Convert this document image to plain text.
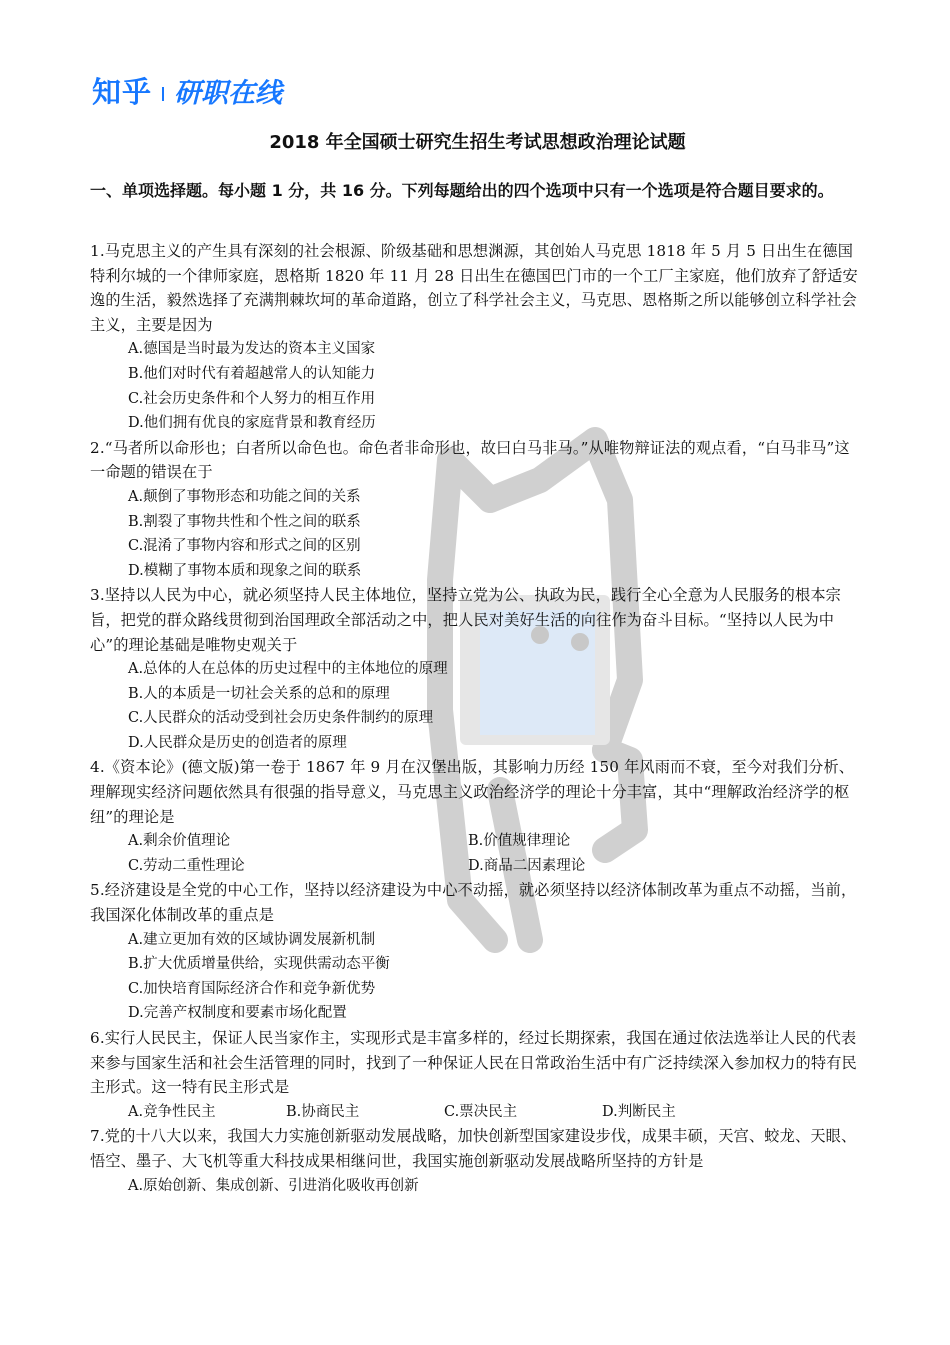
知乎 研职在线
2018 年全国硕士研究生招生考试思想政治理论试题
一、单项选择题。每小题 1 分，共 16 分。下列每题给出的四个选项中只有一个选项是符合题目要求的。

1.马克思主义的产生具有深刻的社会根源、阶级基础和思想渊源，其创始人马克思 1818 年 5 月 5 日出生在德国特利尔城的一个律师家庭，恩格斯 1820 年 11 月 28 日出生在德国巴门市的一个工厂主家庭，他们放弃了舒适安逸的生活，毅然选择了充满荆棘坎坷的革命道路，创立了科学社会主义，马克思、恩格斯之所以能够创立科学社会主义，主要是因为

A.德国是当时最为发达的资本主义国家

B.他们对时代有着超越常人的认知能力

C.社会历史条件和个人努力的相互作用

D.他们拥有优良的家庭背景和教育经历

2.“马者所以命形也；白者所以命色也。命色者非命形也，故曰白马非马。”从唯物辩证法的观点看，“白马非马”这一命题的错误在于

A.颠倒了事物形态和功能之间的关系

B.割裂了事物共性和个性之间的联系

C.混淆了事物内容和形式之间的区别

D.模糊了事物本质和现象之间的联系

3.坚持以人民为中心，就必须坚持人民主体地位，坚持立党为公、执政为民，践行全心全意为人民服务的根本宗旨，把党的群众路线贯彻到治国理政全部活动之中，把人民对美好生活的向往作为奋斗目标。“坚持以人民为中心”的理论基础是唯物史观关于

A.总体的人在总体的历史过程中的主体地位的原理

B.人的本质是一切社会关系的总和的原理

C.人民群众的活动受到社会历史条件制约的原理

D.人民群众是历史的创造者的原理

4.《资本论》(德文版)第一卷于 1867 年 9 月在汉堡出版，其影响力历经 150 年风雨而不衰，至今对我们分析、理解现实经济问题依然具有很强的指导意义，马克思主义政治经济学的理论十分丰富，其中“理解政治经济学的枢纽”的理论是

A.剩余价值理论	B.价值规律理论
C.劳动二重性理论	D.商品二因素理论

5.经济建设是全党的中心工作，坚持以经济建设为中心不动摇，就必须坚持以经济体制改革为重点不动摇，当前，我国深化体制改革的重点是

A.建立更加有效的区域协调发展新机制

B.扩大优质增量供给，实现供需动态平衡

C.加快培育国际经济合作和竞争新优势

D.完善产权制度和要素市场化配置

6.实行人民民主，保证人民当家作主，实现形式是丰富多样的，经过长期探索，我国在通过依法选举让人民的代表来参与国家生活和社会生活管理的同时，找到了一种保证人民在日常政治生活中有广泛持续深入参加权力的特有民主形式。这一特有民主形式是

A.竞争性民主	B.协商民主	C.票决民主	D.判断民主

7.党的十八大以来，我国大力实施创新驱动发展战略，加快创新型国家建设步伐，成果丰硕，天宫、蛟龙、天眼、悟空、墨子、大飞机等重大科技成果相继问世，我国实施创新驱动发展战略所坚持的方针是

A.原始创新、集成创新、引进消化吸收再创新
